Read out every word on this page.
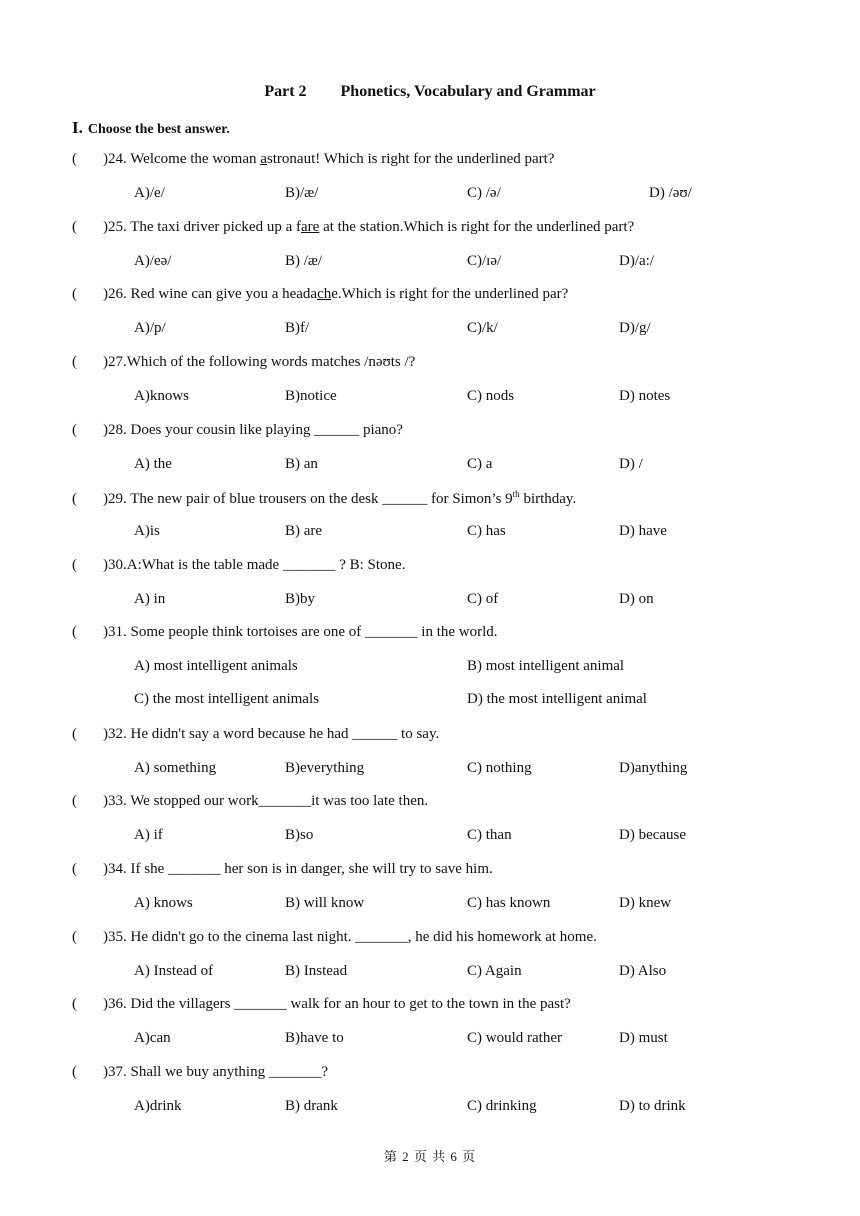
Part 2 Phonetics, Vocabulary and Grammar
I. Choose the best answer.
( )24. Welcome the woman astronaut! Which is right for the underlined part?
A)/e/	B)/æ/	C) /ə/	D) /əʊ/
( )25. The taxi driver picked up a fare at the station.Which is right for the underlined part?
A)/eə/	B) /æ/	C)/ɪə/	D)/a:/
( )26. Red wine can give you a headache.Which is right for the underlined par?
A)/p/	B)f/	C)/k/	D)/g/
( )27.Which of the following words matches /nəʊts /?
A)knows	B)notice	C) nods	D) notes
( )28. Does your cousin like playing ______ piano?
A) the	B) an	C) a	D) /
( )29. The new pair of blue trousers on the desk ______ for Simon’s 9th birthday.
A)is	B) are	C) has	D) have
( )30.A:What is the table made _______ ? B: Stone.
A) in	B)by	C) of	D) on
( )31. Some people think tortoises are one of _______ in the world.
A) most intelligent animals	B) most intelligent animal
C) the most intelligent animals	D) the most intelligent animal
( )32. He didn't say a word because he had ______ to say.
A) something	B)everything	C) nothing	D)anything
( )33. We stopped our work_______it was too late then.
A) if	B)so	C) than	D) because
( )34. If she _______ her son is in danger, she will try to save him.
A) knows	B) will know	C) has known	D) knew
( )35. He didn't go to the cinema last night. _______, he did his homework at home.
A) Instead of	B) Instead	C) Again	D) Also
( )36. Did the villagers _______ walk for an hour to get to the town in the past?
A)can	B)have to	C) would rather	D) must
( )37. Shall we buy anything _______?
A)drink	B) drank	C) drinking	D) to drink
第 2 页 共 6 页
